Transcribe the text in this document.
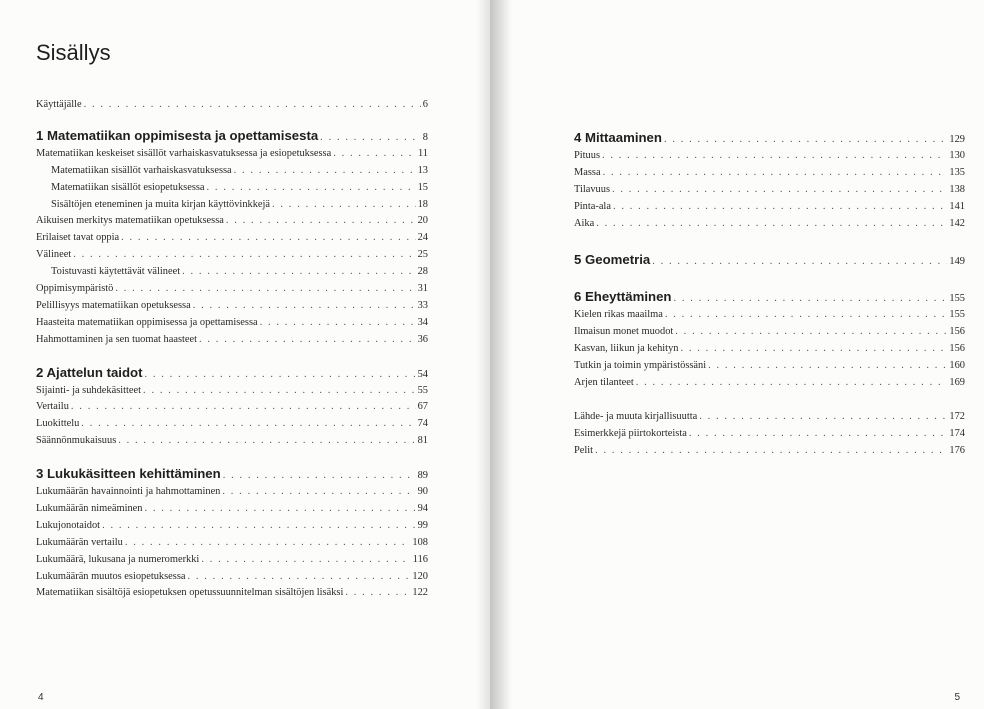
Sisällys
Käyttäjälle . . .	6
1 Matematiikan oppimisesta ja opettamisesta . . .	8
Matematiikan keskeiset sisällöt varhaiskasvatuksessa ja esiopetuksessa . . .	11
Matematiikan sisällöt varhaiskasvatuksessa . . .	13
Matematiikan sisällöt esiopetuksessa . . .	15
Sisältöjen eteneminen ja muita kirjan käyttövinkkejä . . .	18
Aikuisen merkitys matematiikan opetuksessa . . .	20
Erilaiset tavat oppia . . .	24
Välineet . . .	25
Toistuvasti käytettävät välineet . . .	28
Oppimisympäristö . . .	31
Pelillisyys matematiikan opetuksessa . . .	33
Haasteita matematiikan oppimisessa ja opettamisessa . . .	34
Hahmottaminen ja sen tuomat haasteet . . .	36
2 Ajattelun taidot . . .	54
Sijainti- ja suhdekäsitteet . . .	55
Vertailu . . .	67
Luokittelu . . .	74
Säännönmukaisuus . . .	81
3 Lukukäsitteen kehittäminen . . .	89
Lukumäärän havainnointi ja hahmottaminen . . .	90
Lukumäärän nimeäminen . . .	94
Lukujonotaidot . . .	99
Lukumäärän vertailu . . .	108
Lukumäärä, lukusana ja numeromerkki . . .	116
Lukumäärän muutos esiopetuksessa . . .	120
Matematiikan sisältöjä esiopetuksen opetussuunnitelman sisältöjen lisäksi . . .	122
4
4 Mittaaminen . . .	129
Pituus . . .	130
Massa . . .	135
Tilavuus . . .	138
Pinta-ala . . .	141
Aika . . .	142
5 Geometria . . .	149
6 Eheyttäminen . . .	155
Kielen rikas maailma . . .	155
Ilmaisun monet muodot . . .	156
Kasvan, liikun ja kehityn . . .	156
Tutkin ja toimin ympäristössäni . . .	160
Arjen tilanteet . . .	169
Lähde- ja muuta kirjallisuutta . . .	172
Esimerkkejä piirtokorteista . . .	174
Pelit . . .	176
5
